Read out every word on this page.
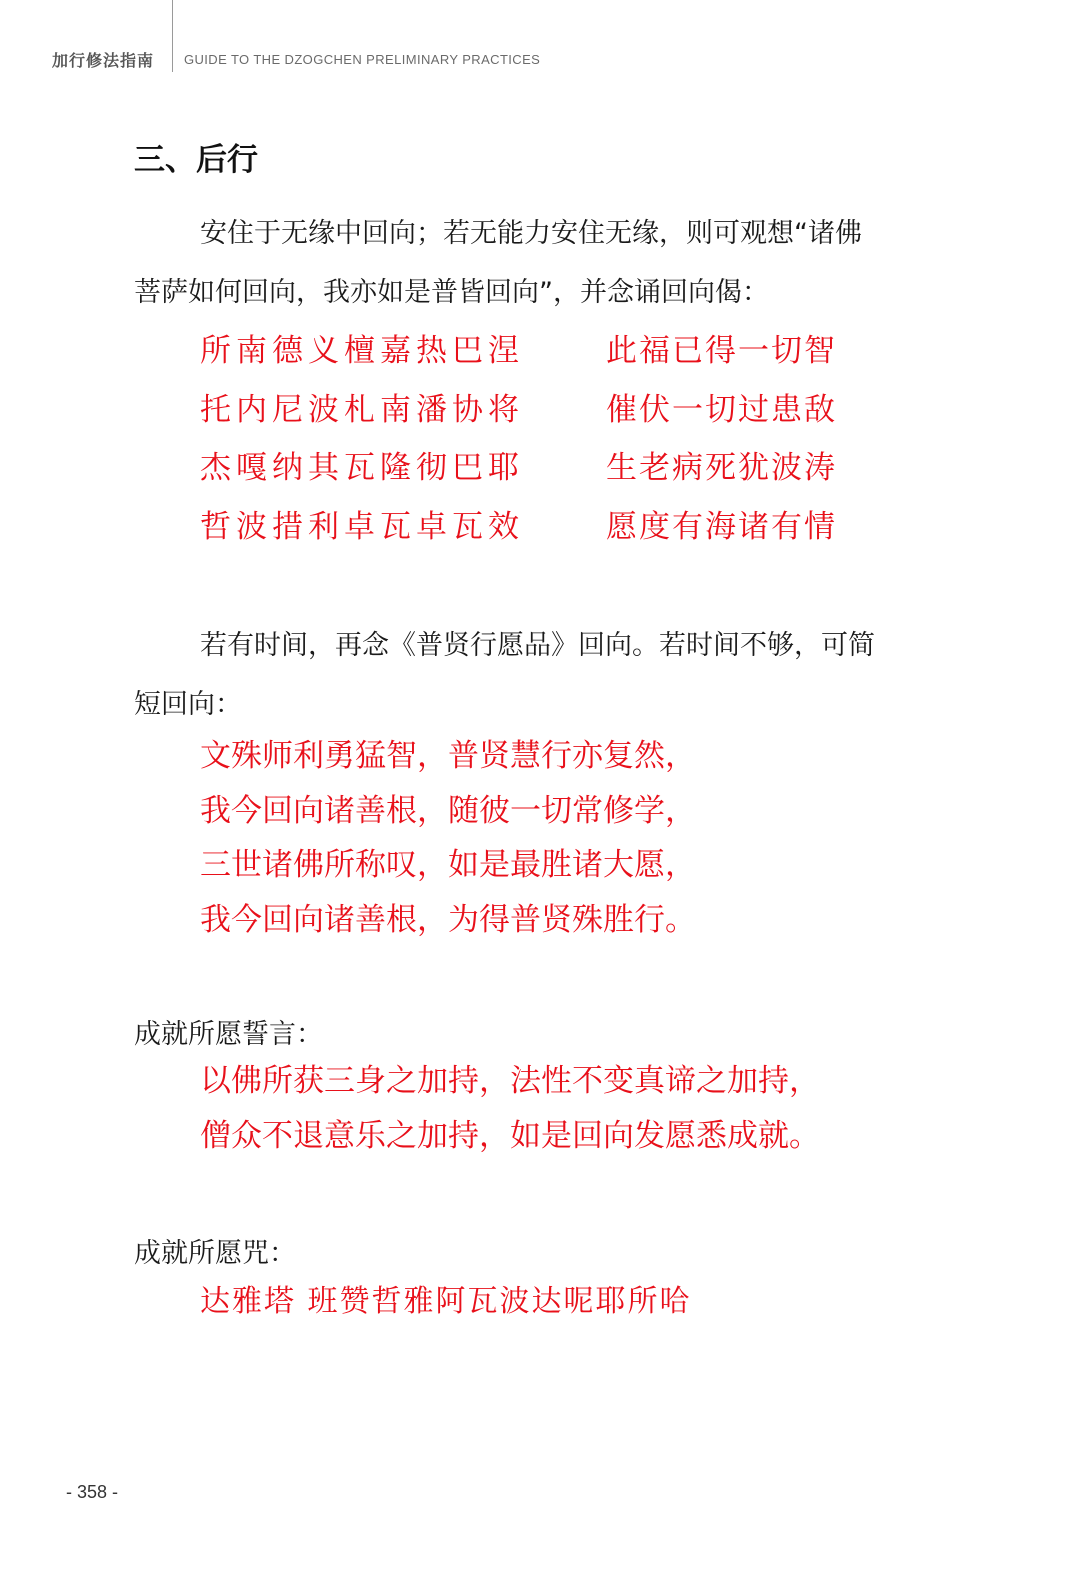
加行修法指南 GUIDE TO THE DZOGCHEN PRELIMINARY PRACTICES
三、后行
安住于无缘中回向；若无能力安住无缘，则可观想“诸佛
菩萨如何回向，我亦如是普皆回向”，并念诵回向偈：
所南德义檀嘉热巴涅	此福已得一切智
托内尼波札南潘协将	催伏一切过患敌
杰嘎纳其瓦隆彻巴耶	生老病死犹波涛
哲波措利卓瓦卓瓦效	愿度有海诸有情
若有时间，再念《普贤行愿品》回向。若时间不够，可简
短回向：
文殊师利勇猛智，普贤慧行亦复然，
我今回向诸善根，随彼一切常修学，
三世诸佛所称叹，如是最胜诸大愿，
我今回向诸善根，为得普贤殊胜行。
成就所愿誓言：
以佛所获三身之加持，法性不变真谛之加持，
僧众不退意乐之加持，如是回向发愿悉成就。
成就所愿咒：
达雅塔 班赞哲雅阿瓦波达呢耶所哈
- 358 -
